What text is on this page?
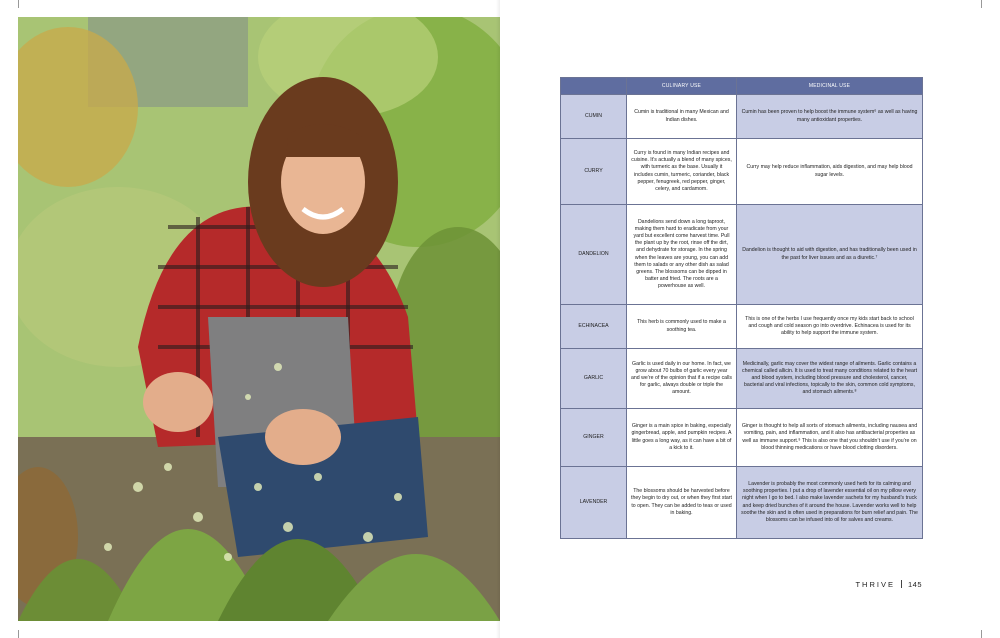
	CULINARY USE	MEDICINAL USE
CUMIN	Cumin is traditional in many Mexican and Indian dishes.	Cumin has been proven to help boost the immune system⁶ as well as having many antioxidant properties.
CURRY	Curry is found in many Indian recipes and cuisine. It’s actually a blend of many spices, with turmeric as the base. Usually it includes cumin, turmeric, coriander, black pepper, fenugreek, red pepper, ginger, celery, and cardamom.	Curry may help reduce inflammation, aids digestion, and may help blood sugar levels.
DANDELION	Dandelions send down a long taproot, making them hard to eradicate from your yard but excellent come harvest time. Pull the plant up by the root, rinse off the dirt, and dehydrate for storage. In the spring when the leaves are young, you can add them to salads or any other dish as salad greens. The blossoms can be dipped in batter and fried. The roots are a powerhouse as well.	Dandelion is thought to aid with digestion, and has traditionally been used in the past for liver issues and as a diuretic.⁷
ECHINACEA	This herb is commonly used to make a soothing tea.	This is one of the herbs I use frequently once my kids start back to school and cough and cold season go into overdrive. Echinacea is used for its ability to help support the immune system.
GARLIC	Garlic is used daily in our home. In fact, we grow about 70 bulbs of garlic every year and we’re of the opinion that if a recipe calls for garlic, always double or triple the amount.	Medicinally, garlic may cover the widest range of ailments. Garlic contains a chemical called allicin. It is used to treat many conditions related to the heart and blood system, including blood pressure and cholesterol, cancer, bacterial and viral infections, topically to the skin, common cold symptoms, and stomach ailments.⁸
GINGER	Ginger is a main spice in baking, especially gingerbread, apple, and pumpkin recipes. A little goes a long way, as it can have a bit of a kick to it.	Ginger is thought to help all sorts of stomach ailments, including nausea and vomiting, pain, and inflammation, and it also has antibacterial properties as well as immune support.⁹ This is also one that you shouldn’t use if you’re on blood thinning medications or have blood clotting disorders.
LAVENDER	The blossoms should be harvested before they begin to dry out, or when they first start to open. They can be added to teas or used in baking.	Lavender is probably the most commonly used herb for its calming and soothing properties. I put a drop of lavender essential oil on my pillow every night when I go to bed. I also make lavender sachets for my husband’s truck and keep dried bunches of it around the house. Lavender works well to help soothe the skin and is often used in preparations for burn relief and pain. The blossoms can be infused into oil for salves and creams.
THRIVE 145
